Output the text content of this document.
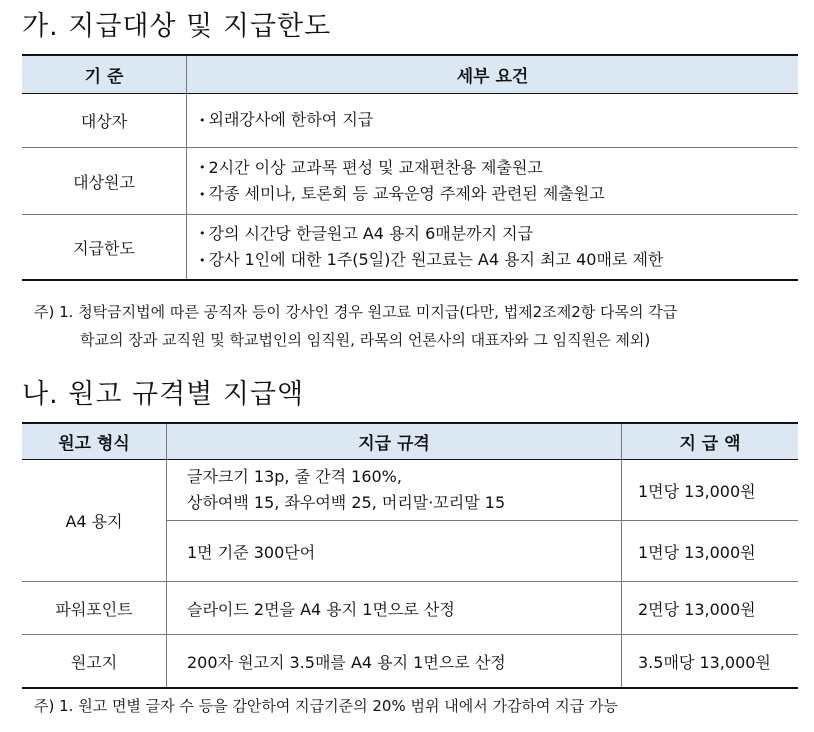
가. 지급대상 및 지급한도
기 준	세부 요건
대상자	• 외래강사에 한하여 지급

대상원고	• 2시간 이상 교과목 편성 및 교재편찬용 제출원고
• 각종 세미나, 토론회 등 교육운영 주제와 관련된 제출원고

지급한도	• 강의 시간당 한글원고 A4 용지 6매분까지 지급
• 강사 1인에 대한 1주(5일)간 원고료는 A4 용지 최고 40매로 제한

주) 1. 청탁금지법에 따른 공직자 등이 강사인 경우 원고료 미지급(다만, 법제2조제2항 다목의 각급
학교의 장과 교직원 및 학교법인의 임직원, 라목의 언론사의 대표자와 그 임직원은 제외)

나. 원고 규격별 지급액
원고 형식	지급 규격	지 급 액
A4 용지	글자크기 13p, 줄 간격 160%,
상하여백 15, 좌우여백 25, 머리말·꼬리말 15	1면당 13,000원
	1면 기준 300단어	1면당 13,000원
파워포인트	슬라이드 2면을 A4 용지 1면으로 산정	2면당 13,000원
원고지	200자 원고지 3.5매를 A4 용지 1면으로 산정	3.5매당 13,000원

주) 1. 원고 면별 글자 수 등을 감안하여 지급기준의 20% 범위 내에서 가감하여 지급 가능
